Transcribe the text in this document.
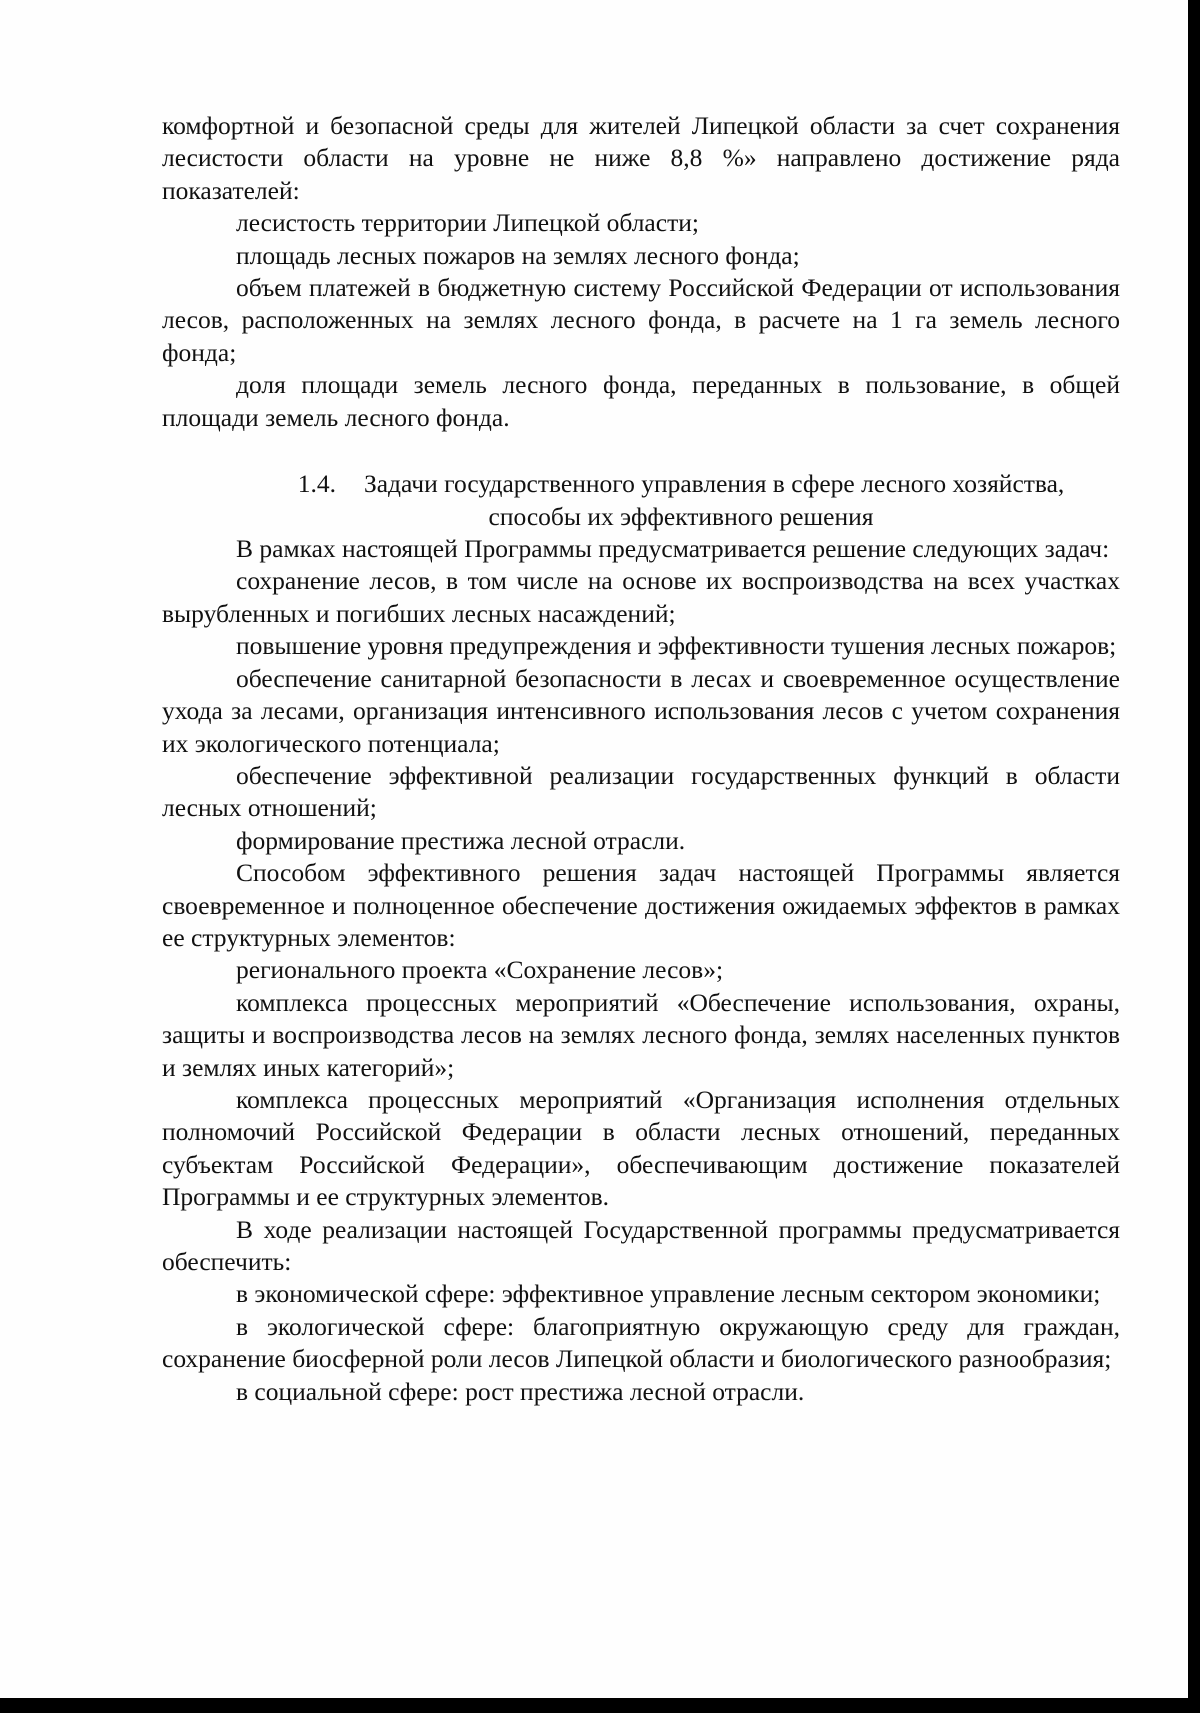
комфортной и безопасной среды для жителей Липецкой области за счет сохранения лесистости области на уровне не ниже 8,8 %» направлено достижение ряда показателей:

лесистость территории Липецкой области;

площадь лесных пожаров на землях лесного фонда;

объем платежей в бюджетную систему Российской Федерации от использования лесов, расположенных на землях лесного фонда, в расчете на 1 га земель лесного фонда;

доля площади земель лесного фонда, переданных в пользование, в общей площади земель лесного фонда.

1.4. Задачи государственного управления в сфере лесного хозяйства,
способы их эффективного решения

В рамках настоящей Программы предусматривается решение следующих задач:

сохранение лесов, в том числе на основе их воспроизводства на всех участках вырубленных и погибших лесных насаждений;

повышение уровня предупреждения и эффективности тушения лесных пожаров;

обеспечение санитарной безопасности в лесах и своевременное осуществление ухода за лесами, организация интенсивного использования лесов с учетом сохранения их экологического потенциала;

обеспечение эффективной реализации государственных функций в области лесных отношений;

формирование престижа лесной отрасли.

Способом эффективного решения задач настоящей Программы является своевременное и полноценное обеспечение достижения ожидаемых эффектов в рамках ее структурных элементов:

регионального проекта «Сохранение лесов»;

комплекса процессных мероприятий «Обеспечение использования, охраны, защиты и воспроизводства лесов на землях лесного фонда, землях населенных пунктов и землях иных категорий»;

комплекса процессных мероприятий «Организация исполнения отдельных полномочий Российской Федерации в области лесных отношений, переданных субъектам Российской Федерации», обеспечивающим достижение показателей Программы и ее структурных элементов.

В ходе реализации настоящей Государственной программы предусматривается обеспечить:

в экономической сфере: эффективное управление лесным сектором экономики;

в экологической сфере: благоприятную окружающую среду для граждан, сохранение биосферной роли лесов Липецкой области и биологического разнообразия;

в социальной сфере: рост престижа лесной отрасли.
